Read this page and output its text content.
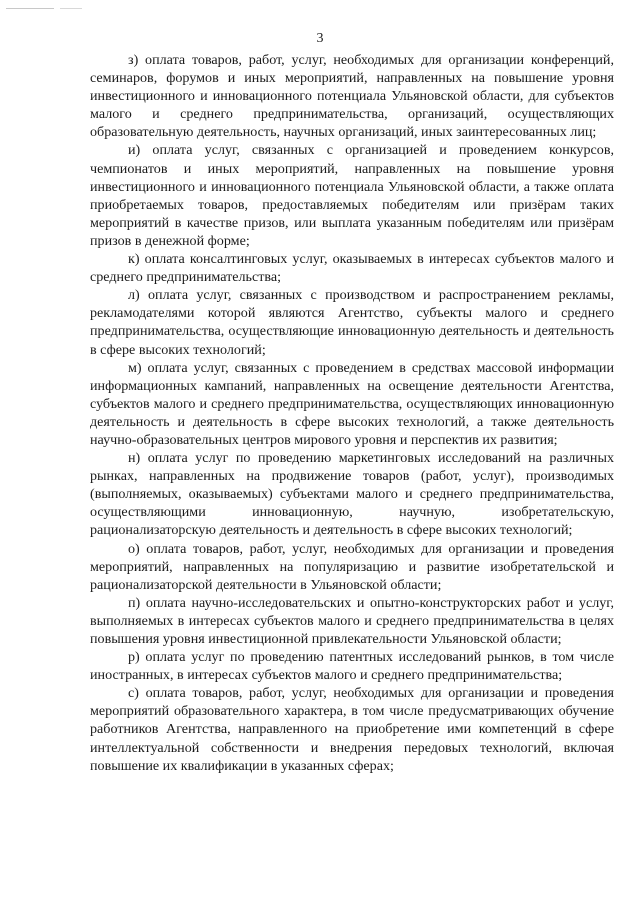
3

з) оплата товаров, работ, услуг, необходимых для организации конференций, семинаров, форумов и иных мероприятий, направленных на повышение уровня инвестиционного и инновационного потенциала Ульяновской области, для субъектов малого и среднего предпринимательства, организаций, осуществляющих образовательную деятельность, научных организаций, иных заинтересованных лиц;

и) оплата услуг, связанных с организацией и проведением конкурсов, чемпионатов и иных мероприятий, направленных на повышение уровня инвестиционного и инновационного потенциала Ульяновской области, а также оплата приобретаемых товаров, предоставляемых победителям или призёрам таких мероприятий в качестве призов, или выплата указанным победителям или призёрам призов в денежной форме;

к) оплата консалтинговых услуг, оказываемых в интересах субъектов малого и среднего предпринимательства;

л) оплата услуг, связанных с производством и распространением рекламы, рекламодателями которой являются Агентство, субъекты малого и среднего предпринимательства, осуществляющие инновационную деятельность и деятельность в сфере высоких технологий;

м) оплата услуг, связанных с проведением в средствах массовой информации информационных кампаний, направленных на освещение деятельности Агентства, субъектов малого и среднего предпринимательства, осуществляющих инновационную деятельность и деятельность в сфере высоких технологий, а также деятельность научно-образовательных центров мирового уровня и перспектив их развития;

н) оплата услуг по проведению маркетинговых исследований на различных рынках, направленных на продвижение товаров (работ, услуг), производимых (выполняемых, оказываемых) субъектами малого и среднего предпринимательства, осуществляющими инновационную, научную, изобретательскую, рационализаторскую деятельность и деятельность в сфере высоких технологий;

о) оплата товаров, работ, услуг, необходимых для организации и проведения мероприятий, направленных на популяризацию и развитие изобретательской и рационализаторской деятельности в Ульяновской области;

п) оплата научно-исследовательских и опытно-конструкторских работ и услуг, выполняемых в интересах субъектов малого и среднего предпринимательства в целях повышения уровня инвестиционной привлекательности Ульяновской области;

р) оплата услуг по проведению патентных исследований рынков, в том числе иностранных, в интересах субъектов малого и среднего предпринимательства;

с) оплата товаров, работ, услуг, необходимых для организации и проведения мероприятий образовательного характера, в том числе предусматривающих обучение работников Агентства, направленного на приобретение ими компетенций в сфере интеллектуальной собственности и внедрения передовых технологий, включая повышение их квалификации в указанных сферах;
